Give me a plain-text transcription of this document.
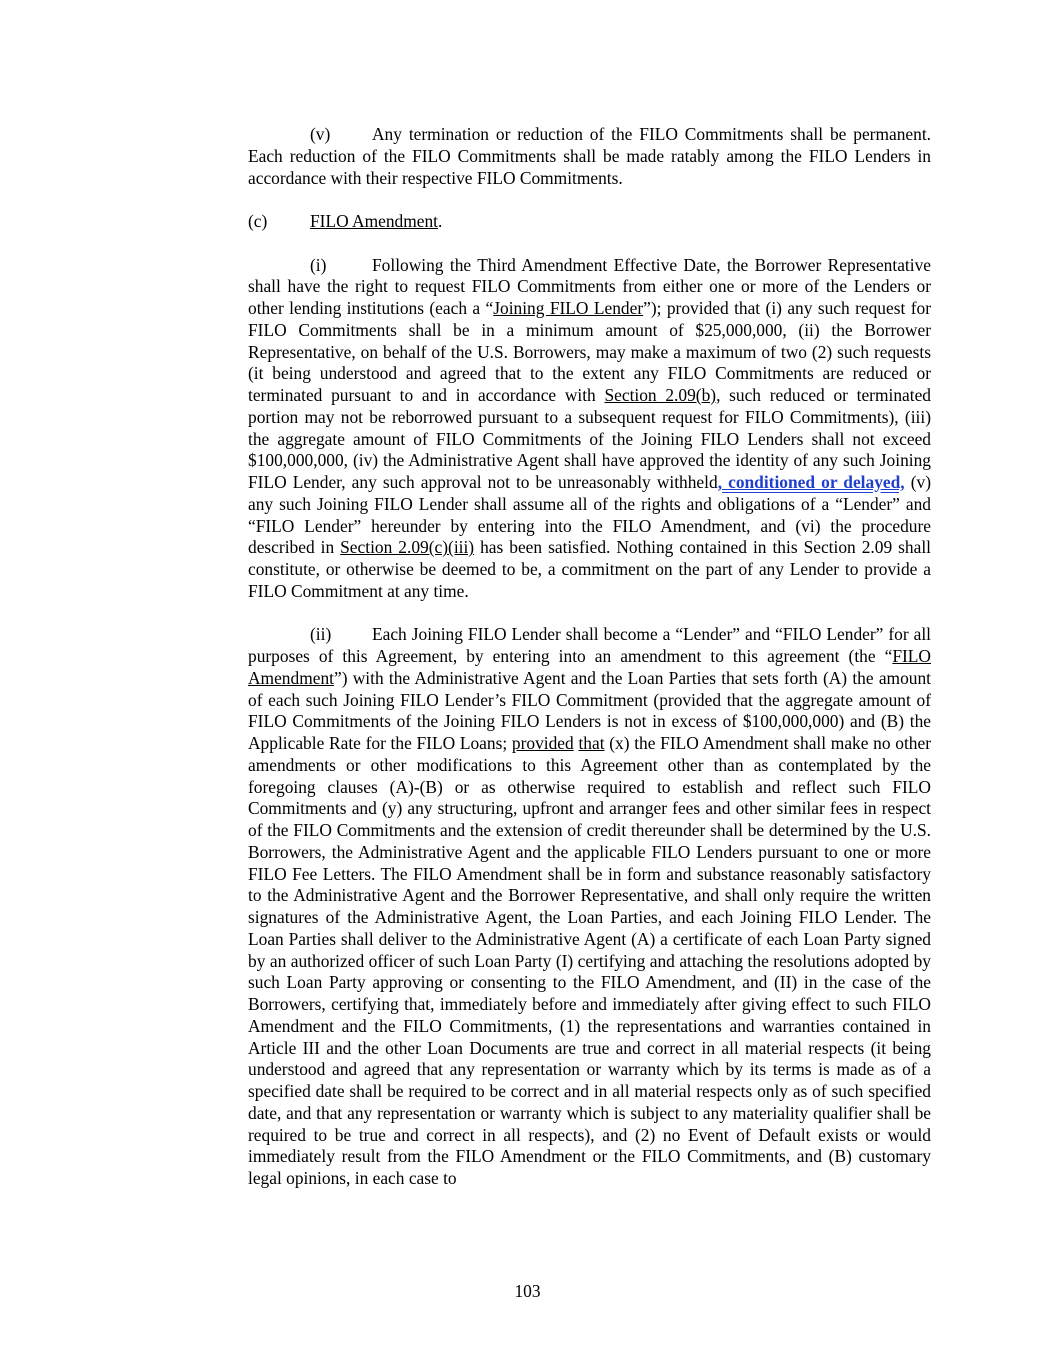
(v) Any termination or reduction of the FILO Commitments shall be permanent. Each reduction of the FILO Commitments shall be made ratably among the FILO Lenders in accordance with their respective FILO Commitments.

(c) FILO Amendment.

(i)	Following the Third Amendment Effective Date, the Borrower Representative shall have the right to request FILO Commitments from either one or more of the Lenders or other lending institutions (each a “Joining FILO Lender”); provided that (i) any such request for FILO Commitments shall be in a minimum amount of $25,000,000, (ii) the Borrower Representative, on behalf of the U.S. Borrowers, may make a maximum of two (2) such requests (it being understood and agreed that to the extent any FILO Commitments are reduced or terminated pursuant to and in accordance with Section 2.09(b), such reduced or terminated portion may not be reborrowed pursuant to a subsequent request for FILO Commitments), (iii) the aggregate amount of FILO Commitments of the Joining FILO Lenders shall not exceed $100,000,000, (iv) the Administrative Agent shall have approved the identity of any such Joining FILO Lender, any such approval not to be unreasonably withheld, conditioned or delayed, (v) any such Joining FILO Lender shall assume all of the rights and obligations of a “Lender” and “FILO Lender” hereunder by entering into the FILO Amendment, and (vi) the procedure described in Section 2.09(c)(iii) has been satisfied. Nothing contained in this Section 2.09 shall constitute, or otherwise be deemed to be, a commitment on the part of any Lender to provide a FILO Commitment at any time.

(ii) Each Joining FILO Lender shall become a “Lender” and “FILO Lender” for all purposes of this Agreement, by entering into an amendment to this agreement (the “FILO Amendment”) with the Administrative Agent and the Loan Parties that sets forth (A) the amount of each such Joining FILO Lender’s FILO Commitment (provided that the aggregate amount of FILO Commitments of the Joining FILO Lenders is not in excess of $100,000,000) and (B) the Applicable Rate for the FILO Loans; provided that (x) the FILO Amendment shall make no other amendments or other modifications to this Agreement other than as contemplated by the foregoing clauses (A)-(B) or as otherwise required to establish and reflect such FILO Commitments and (y) any structuring, upfront and arranger fees and other similar fees in respect of the FILO Commitments and the extension of credit thereunder shall be determined by the U.S. Borrowers, the Administrative Agent and the applicable FILO Lenders pursuant to one or more FILO Fee Letters. The FILO Amendment shall be in form and substance reasonably satisfactory to the Administrative Agent and the Borrower Representative, and shall only require the written signatures of the Administrative Agent, the Loan Parties, and each Joining FILO Lender. The Loan Parties shall deliver to the Administrative Agent (A) a certificate of each Loan Party signed by an authorized officer of such Loan Party (I) certifying and attaching the resolutions adopted by such Loan Party approving or consenting to the FILO Amendment, and (II) in the case of the Borrowers, certifying that, immediately before and immediately after giving effect to such FILO Amendment and the FILO Commitments, (1) the representations and warranties contained in Article III and the other Loan Documents are true and correct in all material respects (it being understood and agreed that any representation or warranty which by its terms is made as of a specified date shall be required to be correct and in all material respects only as of such specified date, and that any representation or warranty which is subject to any materiality qualifier shall be required to be true and correct in all respects), and (2) no Event of Default exists or would immediately result from the FILO Amendment or the FILO Commitments, and (B) customary legal opinions, in each case to

103
